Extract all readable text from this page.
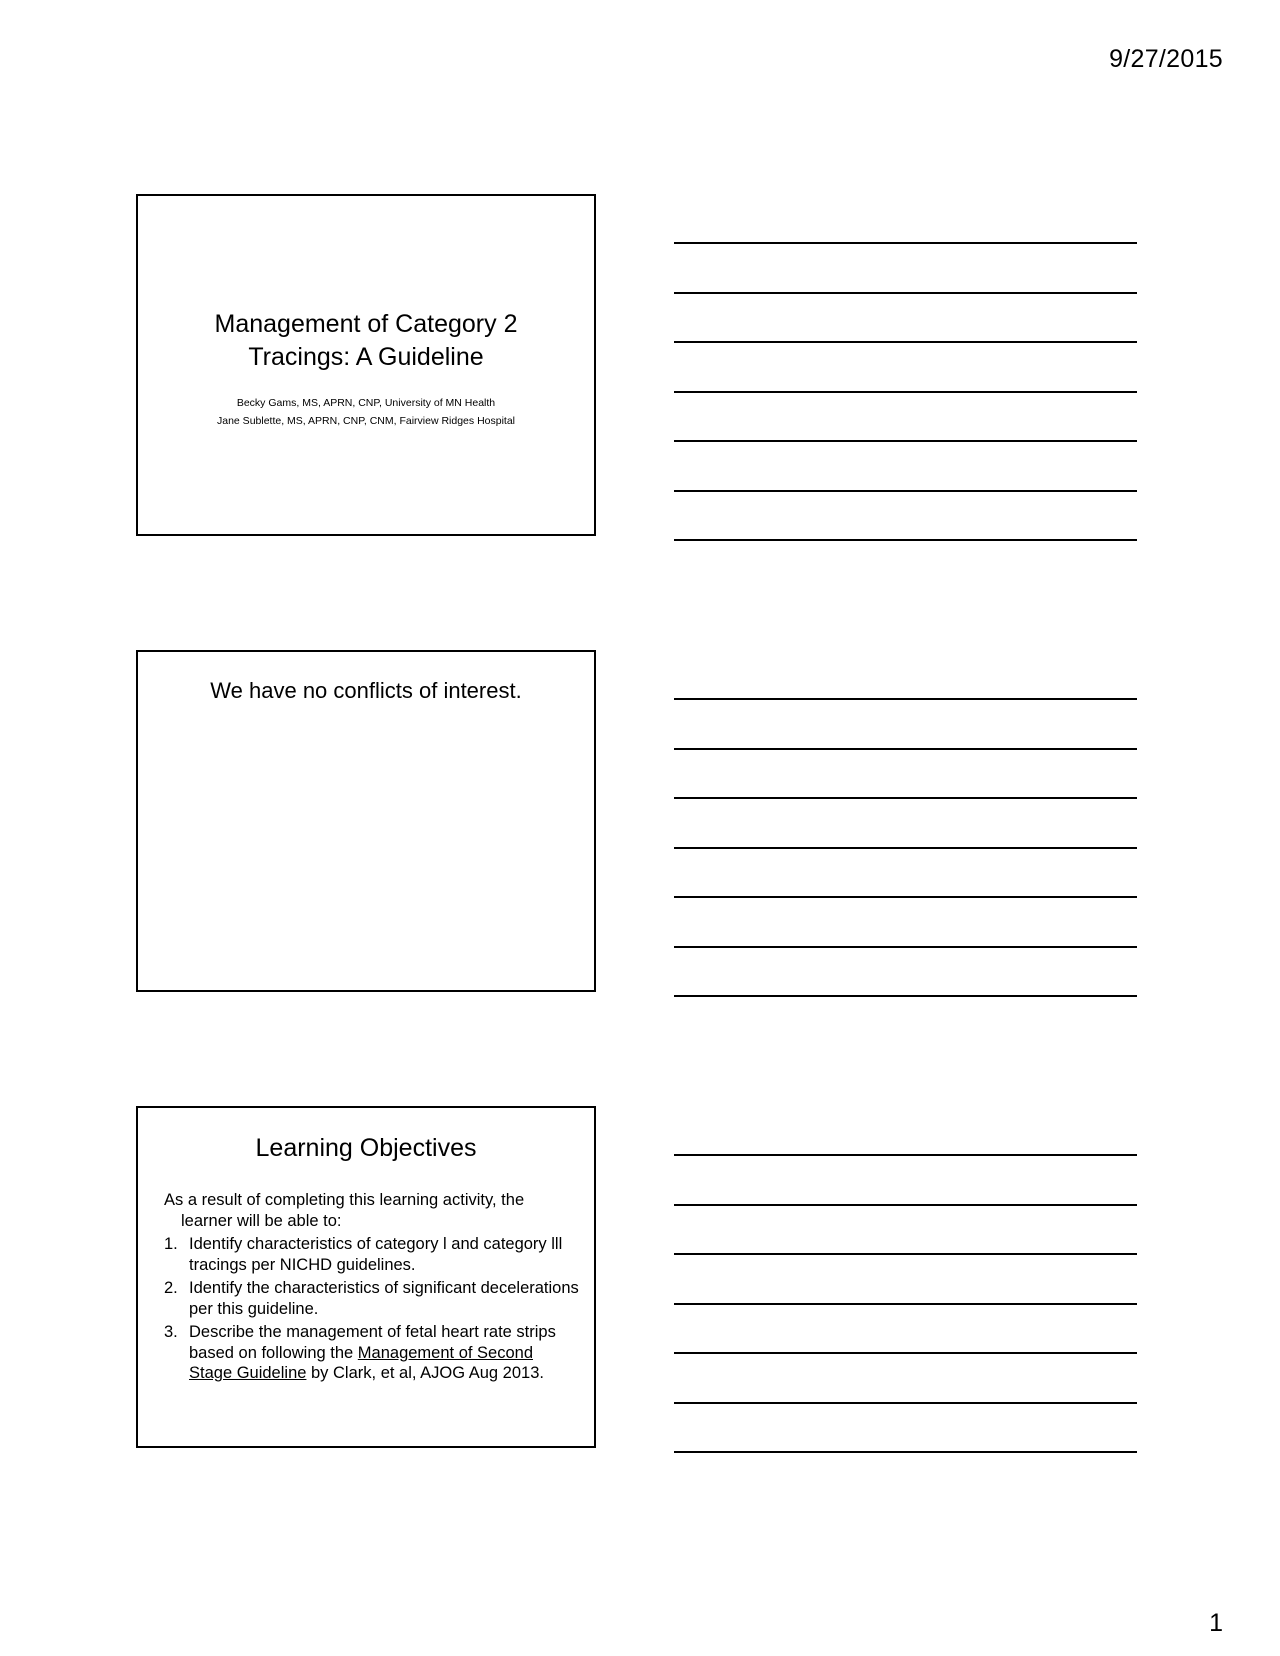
9/27/2015
Management of Category 2
Tracings: A Guideline
Becky Gams, MS, APRN, CNP, University of MN Health
Jane Sublette, MS, APRN, CNP, CNM, Fairview Ridges Hospital
We have no conflicts of interest.
Learning Objectives

As a result of completing this learning activity, the learner will be able to:

1. Identify characteristics of category l and category lll tracings per NICHD guidelines.
2. Identify the characteristics of significant decelerations per this guideline.
3. Describe the management of fetal heart rate strips based on following the Management of Second Stage Guideline by Clark, et al, AJOG Aug 2013.
1
